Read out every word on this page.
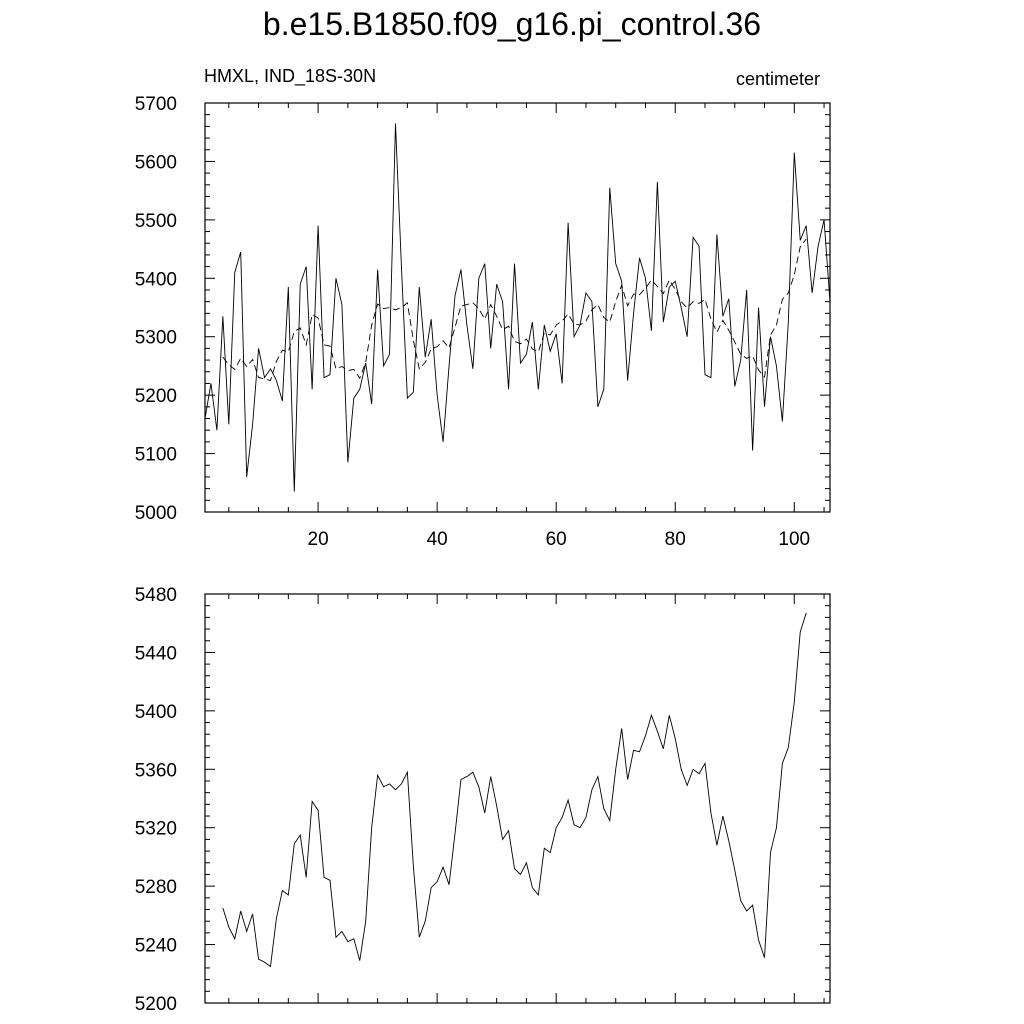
b.e15.B1850.f09_g16.pi_control.36
HMXL, IND_18S-30N	centimeter
20	40	60	80	100
5000
5100
5200
5300
5400
5500
5600
5700
5200
5240
5280
5320
5360
5400
5440
5480
